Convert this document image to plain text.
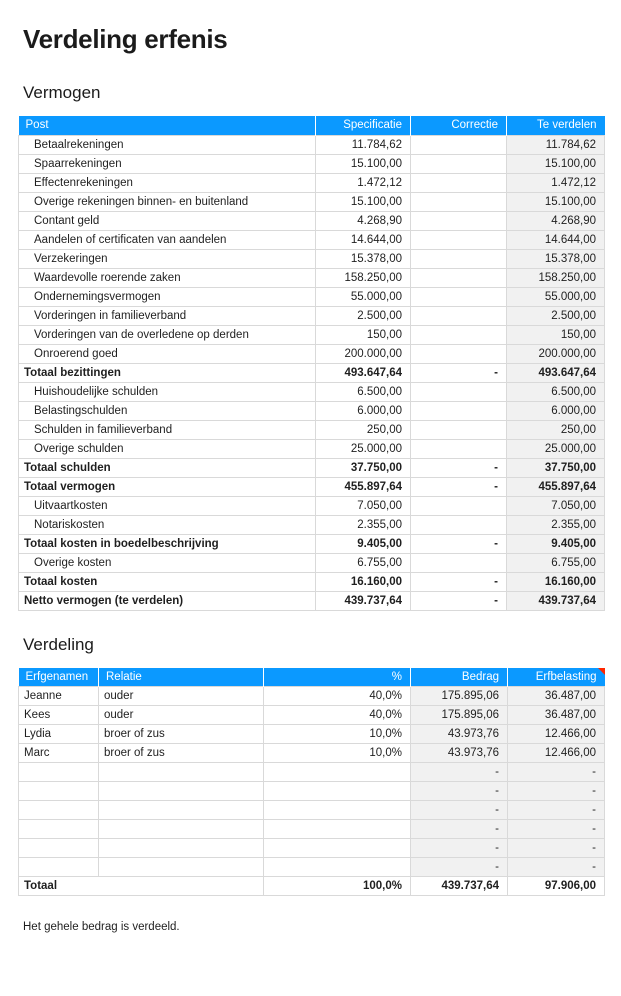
Verdeling erfenis
Vermogen
Post	Specificatie	Correctie	Te verdelen
Betaalrekeningen	11.784,62		11.784,62
Spaarrekeningen	15.100,00		15.100,00
Effectenrekeningen	1.472,12		1.472,12
Overige rekeningen binnen- en buitenland	15.100,00		15.100,00
Contant geld	4.268,90		4.268,90
Aandelen of certificaten van aandelen	14.644,00		14.644,00
Verzekeringen	15.378,00		15.378,00
Waardevolle roerende zaken	158.250,00		158.250,00
Ondernemingsvermogen	55.000,00		55.000,00
Vorderingen in familieverband	2.500,00		2.500,00
Vorderingen van de overledene op derden	150,00		150,00
Onroerend goed	200.000,00		200.000,00
Totaal bezittingen	493.647,64	-	493.647,64
Huishoudelijke schulden	6.500,00		6.500,00
Belastingschulden	6.000,00		6.000,00
Schulden in familieverband	250,00		250,00
Overige schulden	25.000,00		25.000,00
Totaal schulden	37.750,00	-	37.750,00
Totaal vermogen	455.897,64	-	455.897,64
Uitvaartkosten	7.050,00		7.050,00
Notariskosten	2.355,00		2.355,00
Totaal kosten in boedelbeschrijving	9.405,00	-	9.405,00
Overige kosten	6.755,00		6.755,00
Totaal kosten	16.160,00	-	16.160,00
Netto vermogen (te verdelen)	439.737,64	-	439.737,64
Verdeling
Erfgenamen	Relatie	%	Bedrag	Erfbelasting

Jeanne	ouder	40,0%	175.895,06	36.487,00
Kees	ouder	40,0%	175.895,06	36.487,00
Lydia	broer of zus	10,0%	43.973,76	12.466,00
Marc	broer of zus	10,0%	43.973,76	12.466,00
			-	-
			-	-
			-	-
			-	-
			-	-
			-	-
Totaal		100,0%	439.737,64	97.906,00

Het gehele bedrag is verdeeld.
